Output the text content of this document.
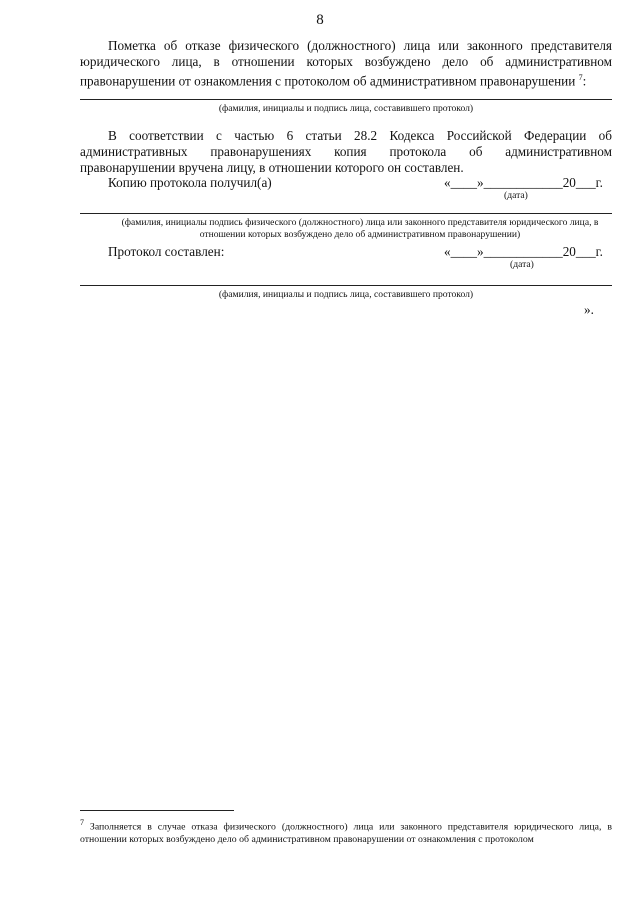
8
Пометка об отказе физического (должностного) лица или законного представителя юридического лица, в отношении которых возбуждено дело об административном правонарушении от ознакомления с протоколом об административном правонарушении $^7$:
(фамилия, инициалы и подпись лица, составившего протокол)
В соответствии с частью 6 статьи 28.2 Кодекса Российской Федерации об административных правонарушениях копия протокола об административном правонарушении вручена лицу, в отношении которого он составлен.
Копию протокола получил(а)	«____»____________20___г.
(дата)
(фамилия, инициалы подпись физического (должностного) лица или законного представителя юридического лица, в отношении которых возбуждено дело об административном правонарушении)
Протокол составлен:	«____»____________20___г.
(дата)
(фамилия, инициалы и подпись лица, составившего протокол)
».
$^7$ Заполняется в случае отказа физического (должностного) лица или законного представителя юридического лица, в отношении которых возбуждено дело об административном правонарушении от ознакомления с протоколом
